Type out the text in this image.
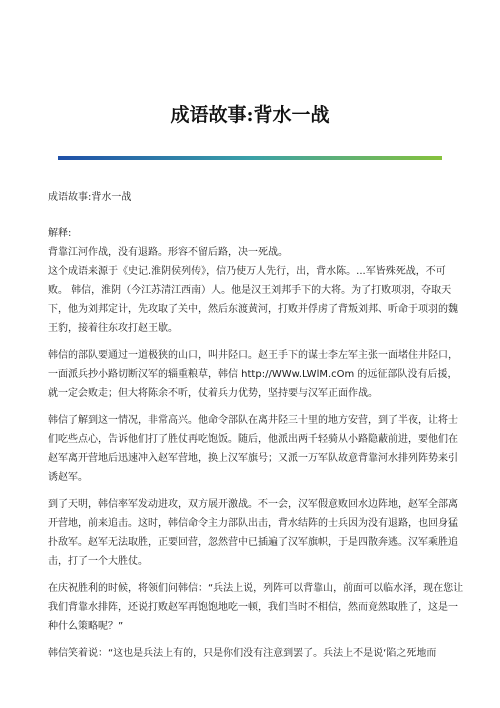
成语故事:背水一战

成语故事:背水一战

解释:

背靠江河作战，没有退路。形容不留后路，决一死战。

这个成语来源于《史记.淮阴侯列传》，信乃使万人先行，出，背水陈。...军皆殊死战，不可败。 韩信，淮阴（今江苏清江西南）人。他是汉王刘邦手下的大将。为了打败项羽，夺取天下，他为刘邦定计，先攻取了关中，然后东渡黄河，打败并俘虏了背叛刘邦、听命于项羽的魏王豹，接着往东攻打赵王歇。

韩信的部队要通过一道极狭的山口，叫井陉口。赵王手下的谋士李左军主张一面堵住井陉口，一面派兵抄小路切断汉军的辎重粮草，韩信 http://WWw.LWlM.cOm 的远征部队没有后援，就一定会败走；但大将陈余不听，仗着兵力优势，坚持要与汉军正面作战。

韩信了解到这一情况，非常高兴。他命令部队在离井陉三十里的地方安营，到了半夜，让将士们吃些点心，告诉他们打了胜仗再吃饱饭。随后，他派出两千轻骑从小路隐蔽前进，要他们在赵军离开营地后迅速冲入赵军营地，换上汉军旗号；又派一万军队故意背靠河水排列阵势来引诱赵军。

到了天明，韩信率军发动进攻，双方展开激战。不一会，汉军假意败回水边阵地，赵军全部离开营地，前来追击。这时，韩信命令主力部队出击，背水结阵的士兵因为没有退路，也回身猛扑敌军。赵军无法取胜，正要回营，忽然营中已插遍了汉军旗帜，于是四散奔逃。汉军乘胜追击，打了一个大胜仗。

在庆祝胜利的时候，将领们问韩信：“兵法上说，列阵可以背靠山，前面可以临水泽，现在您让我们背靠水排阵，还说打败赵军再饱饱地吃一顿，我们当时不相信，然而竟然取胜了，这是一种什么策略呢？”

韩信笑着说：“这也是兵法上有的，只是你们没有注意到罢了。兵法上不是说‘陷之死地而
